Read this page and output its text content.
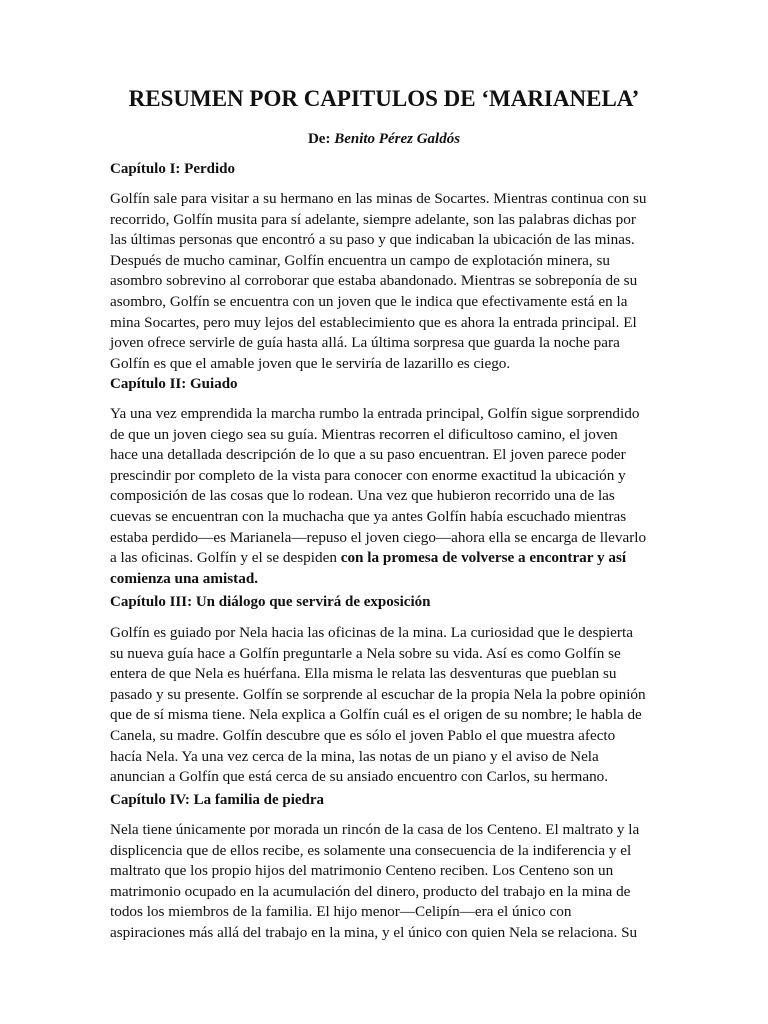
RESUMEN POR CAPITULOS DE ‘MARIANELA’

De: Benito Pérez Galdós

Capítulo I: Perdido
Golfín sale para visitar a su hermano en las minas de Socartes. Mientras continua con su
recorrido, Golfín musita para sí adelante, siempre adelante, son las palabras dichas por
las últimas personas que encontró a su paso y que indicaban la ubicación de las minas.
Después de mucho caminar, Golfín encuentra un campo de explotación minera, su
asombro sobrevino al corroborar que estaba abandonado. Mientras se sobreponía de su
asombro, Golfín se encuentra con un joven que le indica que efectivamente está en la
mina Socartes, pero muy lejos del establecimiento que es ahora la entrada principal. El
joven ofrece servirle de guía hasta allá. La última sorpresa que guarda la noche para
Golfín es que el amable joven que le serviría de lazarillo es ciego.
Capítulo II: Guiado
Ya una vez emprendida la marcha rumbo la entrada principal, Golfín sigue sorprendido
de que un joven ciego sea su guía. Mientras recorren el dificultoso camino, el joven
hace una detallada descripción de lo que a su paso encuentran. El joven parece poder
prescindir por completo de la vista para conocer con enorme exactitud la ubicación y
composición de las cosas que lo rodean. Una vez que hubieron recorrido una de las
cuevas se encuentran con la muchacha que ya antes Golfín había escuchado mientras
estaba perdido—es Marianela—repuso el joven ciego—ahora ella se encarga de llevarlo
a las oficinas. Golfín y el se despiden con la promesa de volverse a encontrar y así
comienza una amistad.
Capítulo III: Un diálogo que servirá de exposición
Golfín es guiado por Nela hacia las oficinas de la mina. La curiosidad que le despierta
su nueva guía hace a Golfín preguntarle a Nela sobre su vida. Así es como Golfín se
entera de que Nela es huérfana. Ella misma le relata las desventuras que pueblan su
pasado y su presente. Golfín se sorprende al escuchar de la propia Nela la pobre opinión
que de sí misma tiene. Nela explica a Golfín cuál es el origen de su nombre; le habla de
Canela, su madre. Golfín descubre que es sólo el joven Pablo el que muestra afecto
hacía Nela. Ya una vez cerca de la mina, las notas de un piano y el aviso de Nela
anuncian a Golfín que está cerca de su ansiado encuentro con Carlos, su hermano.
Capítulo IV: La familia de piedra
Nela tiene únicamente por morada un rincón de la casa de los Centeno. El maltrato y la
displicencia que de ellos recibe, es solamente una consecuencia de la indiferencia y el
maltrato que los propio hijos del matrimonio Centeno reciben. Los Centeno son un
matrimonio ocupado en la acumulación del dinero, producto del trabajo en la mina de
todos los miembros de la familia. El hijo menor—Celipín—era el único con
aspiraciones más allá del trabajo en la mina, y el único con quien Nela se relaciona. Su
